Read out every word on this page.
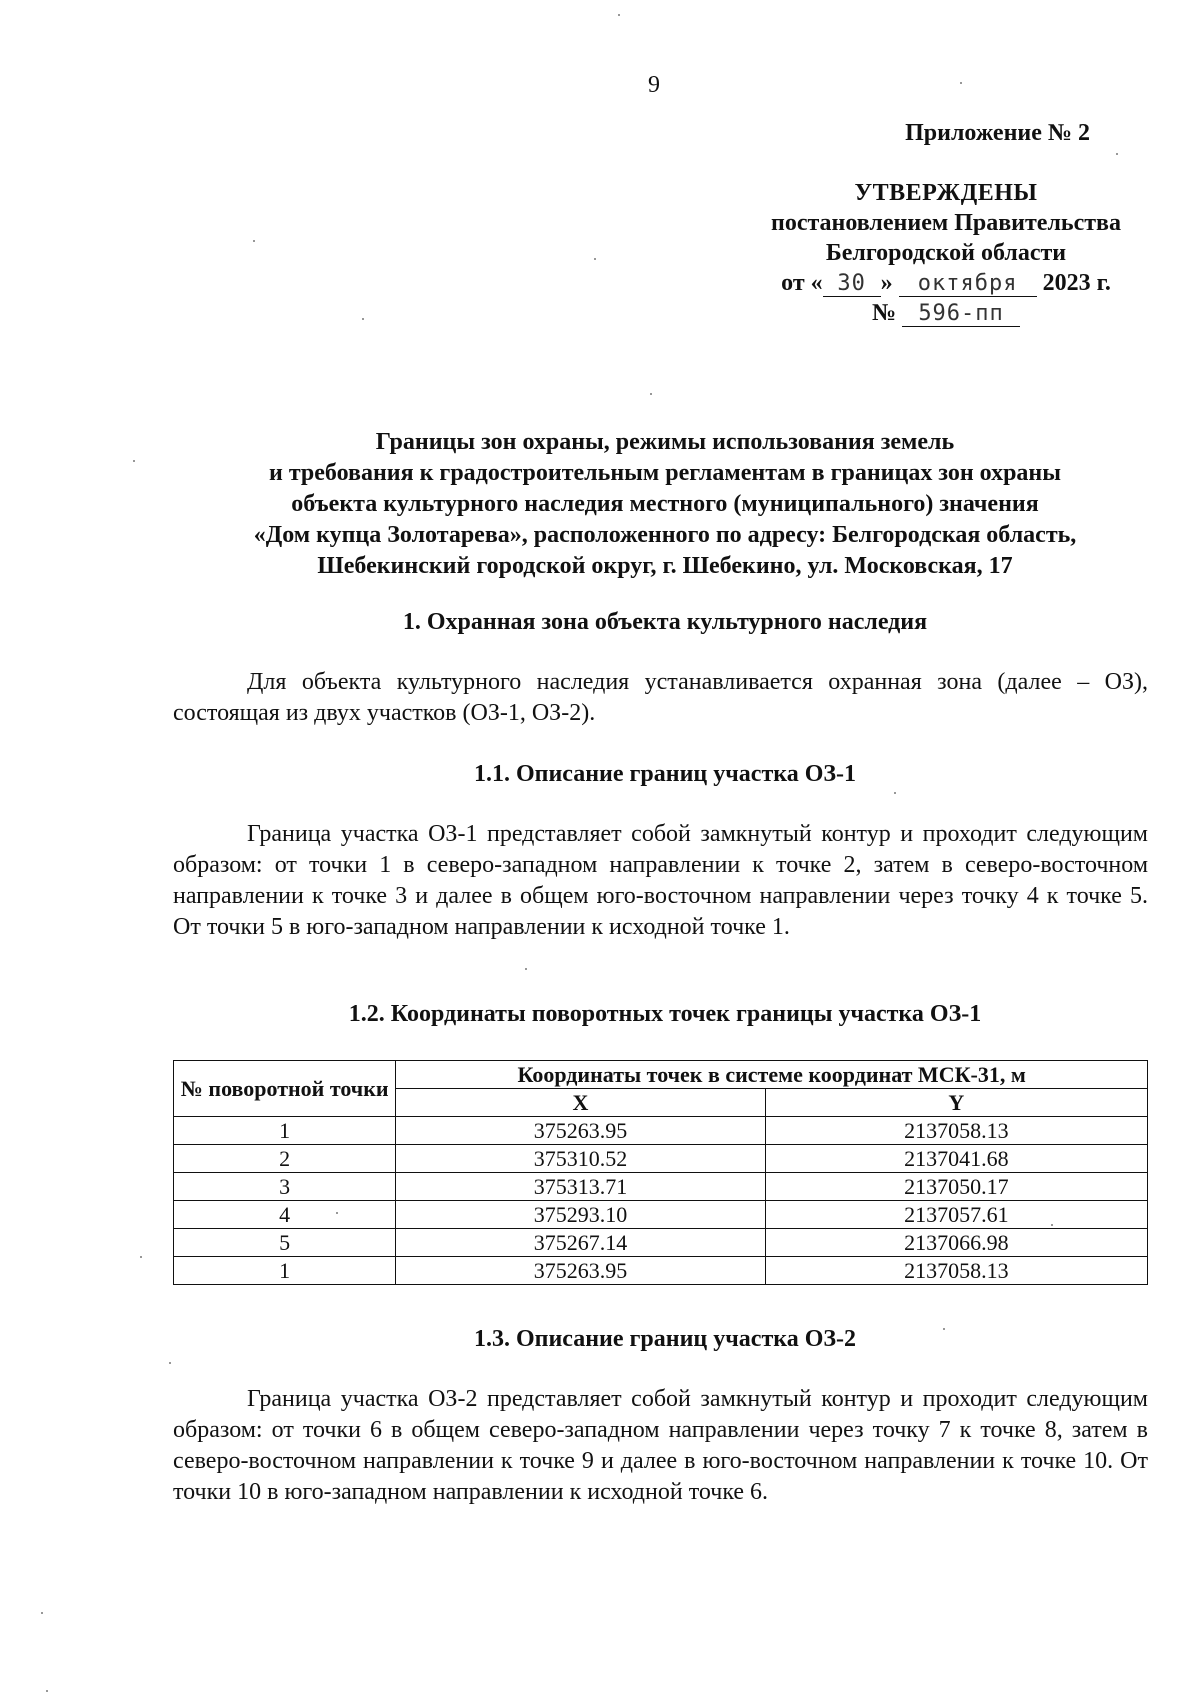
9
Приложение № 2
УТВЕРЖДЕНЫ
постановлением Правительства
Белгородской области
от « 30 »	октября	2023 г.
№	596-пп
Границы зон охраны, режимы использования земель
и требования к градостроительным регламентам в границах зон охраны
объекта культурного наследия местного (муниципального) значения
«Дом купца Золотарева», расположенного по адресу: Белгородская область,
Шебекинский городской округ, г. Шебекино, ул. Московская, 17
1. Охранная зона объекта культурного наследия
Для объекта культурного наследия устанавливается охранная зона (далее – ОЗ), состоящая из двух участков (ОЗ-1, ОЗ-2).
1.1. Описание границ участка ОЗ-1
Граница участка ОЗ-1 представляет собой замкнутый контур и проходит следующим образом: от точки 1 в северо-западном направлении к точке 2, затем в северо-восточном направлении к точке 3 и далее в общем юго-восточном направлении через точку 4 к точке 5. От точки 5 в юго-западном направлении к исходной точке 1.
1.2. Координаты поворотных точек границы участка ОЗ-1
№ поворотной точки	Координаты точек в системе координат МСК-31, м	
	X	Y
1	375263.95	2137058.13
2	375310.52	2137041.68
3	375313.71	2137050.17
4	375293.10	2137057.61
5	375267.14	2137066.98
1	375263.95	2137058.13
1.3. Описание границ участка ОЗ-2
Граница участка ОЗ-2 представляет собой замкнутый контур и проходит следующим образом: от точки 6 в общем северо-западном направлении через точку 7 к точке 8, затем в северо-восточном направлении к точке 9 и далее в юго-восточном направлении к точке 10. От точки 10 в юго-западном направлении к исходной точке 6.
